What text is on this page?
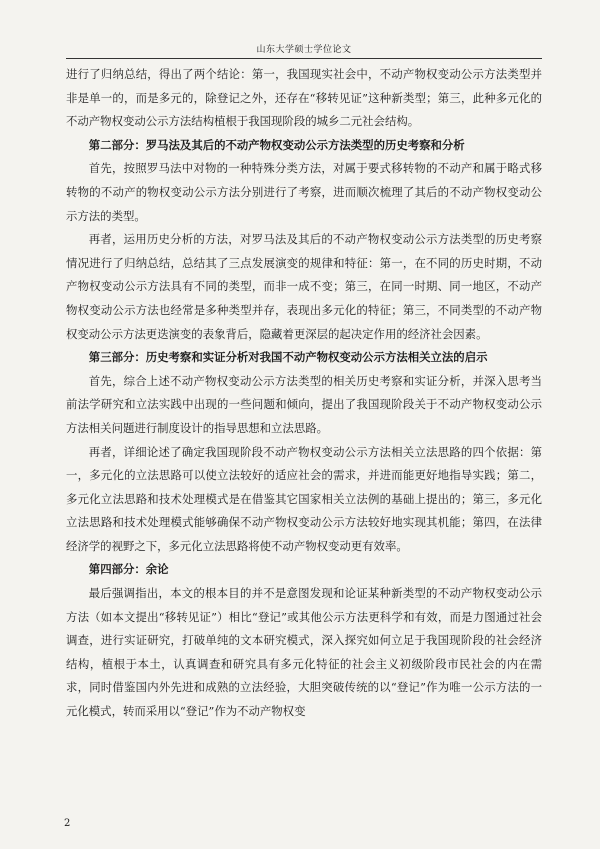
山东大学硕士学位论文

进行了归纳总结，得出了两个结论：第一，我国现实社会中，不动产物权变动公示方法类型并非是单一的，而是多元的，除登记之外，还存在“移转见证”这种新类型；第三，此种多元化的不动产物权变动公示方法结构植根于我国现阶段的城乡二元社会结构。

第二部分：罗马法及其后的不动产物权变动公示方法类型的历史考察和分析

首先，按照罗马法中对物的一种特殊分类方法，对属于要式移转物的不动产和属于略式移转物的不动产的物权变动公示方法分别进行了考察，进而顺次梳理了其后的不动产物权变动公示方法的类型。

再者，运用历史分析的方法，对罗马法及其后的不动产物权变动公示方法类型的历史考察情况进行了归纳总结，总结其了三点发展演变的规律和特征：第一，在不同的历史时期，不动产物权变动公示方法具有不同的类型，而非一成不变；第三，在同一时期、同一地区，不动产物权变动公示方法也经常是多种类型并存，表现出多元化的特征；第三，不同类型的不动产物权变动公示方法更迭演变的表象背后，隐藏着更深层的起决定作用的经济社会因素。

第三部分：历史考察和实证分析对我国不动产物权变动公示方法相关立法的启示

首先，综合上述不动产物权变动公示方法类型的相关历史考察和实证分析，并深入思考当前法学研究和立法实践中出现的一些问题和倾向，提出了我国现阶段关于不动产物权变动公示方法相关问题进行制度设计的指导思想和立法思路。

再者，详细论述了确定我国现阶段不动产物权变动公示方法相关立法思路的四个依据：第一，多元化的立法思路可以使立法较好的适应社会的需求，并进而能更好地指导实践；第二，多元化立法思路和技术处理模式是在借鉴其它国家相关立法例的基础上提出的；第三，多元化立法思路和技术处理模式能够确保不动产物权变动公示方法较好地实现其机能；第四，在法律经济学的视野之下，多元化立法思路将使不动产物权变动更有效率。

第四部分：余论

最后强调指出，本文的根本目的并不是意图发现和论证某种新类型的不动产物权变动公示方法（如本文提出“移转见证”）相比“登记”或其他公示方法更科学和有效，而是力图通过社会调查，进行实证研究，打破单纯的文本研究模式，深入探究如何立足于我国现阶段的社会经济结构，植根于本土，认真调查和研究具有多元化特征的社会主义初级阶段市民社会的内在需求，同时借鉴国内外先进和成熟的立法经验，大胆突破传统的以“登记”作为唯一公示方法的一元化模式，转而采用以“登记”作为不动产物权变

2
